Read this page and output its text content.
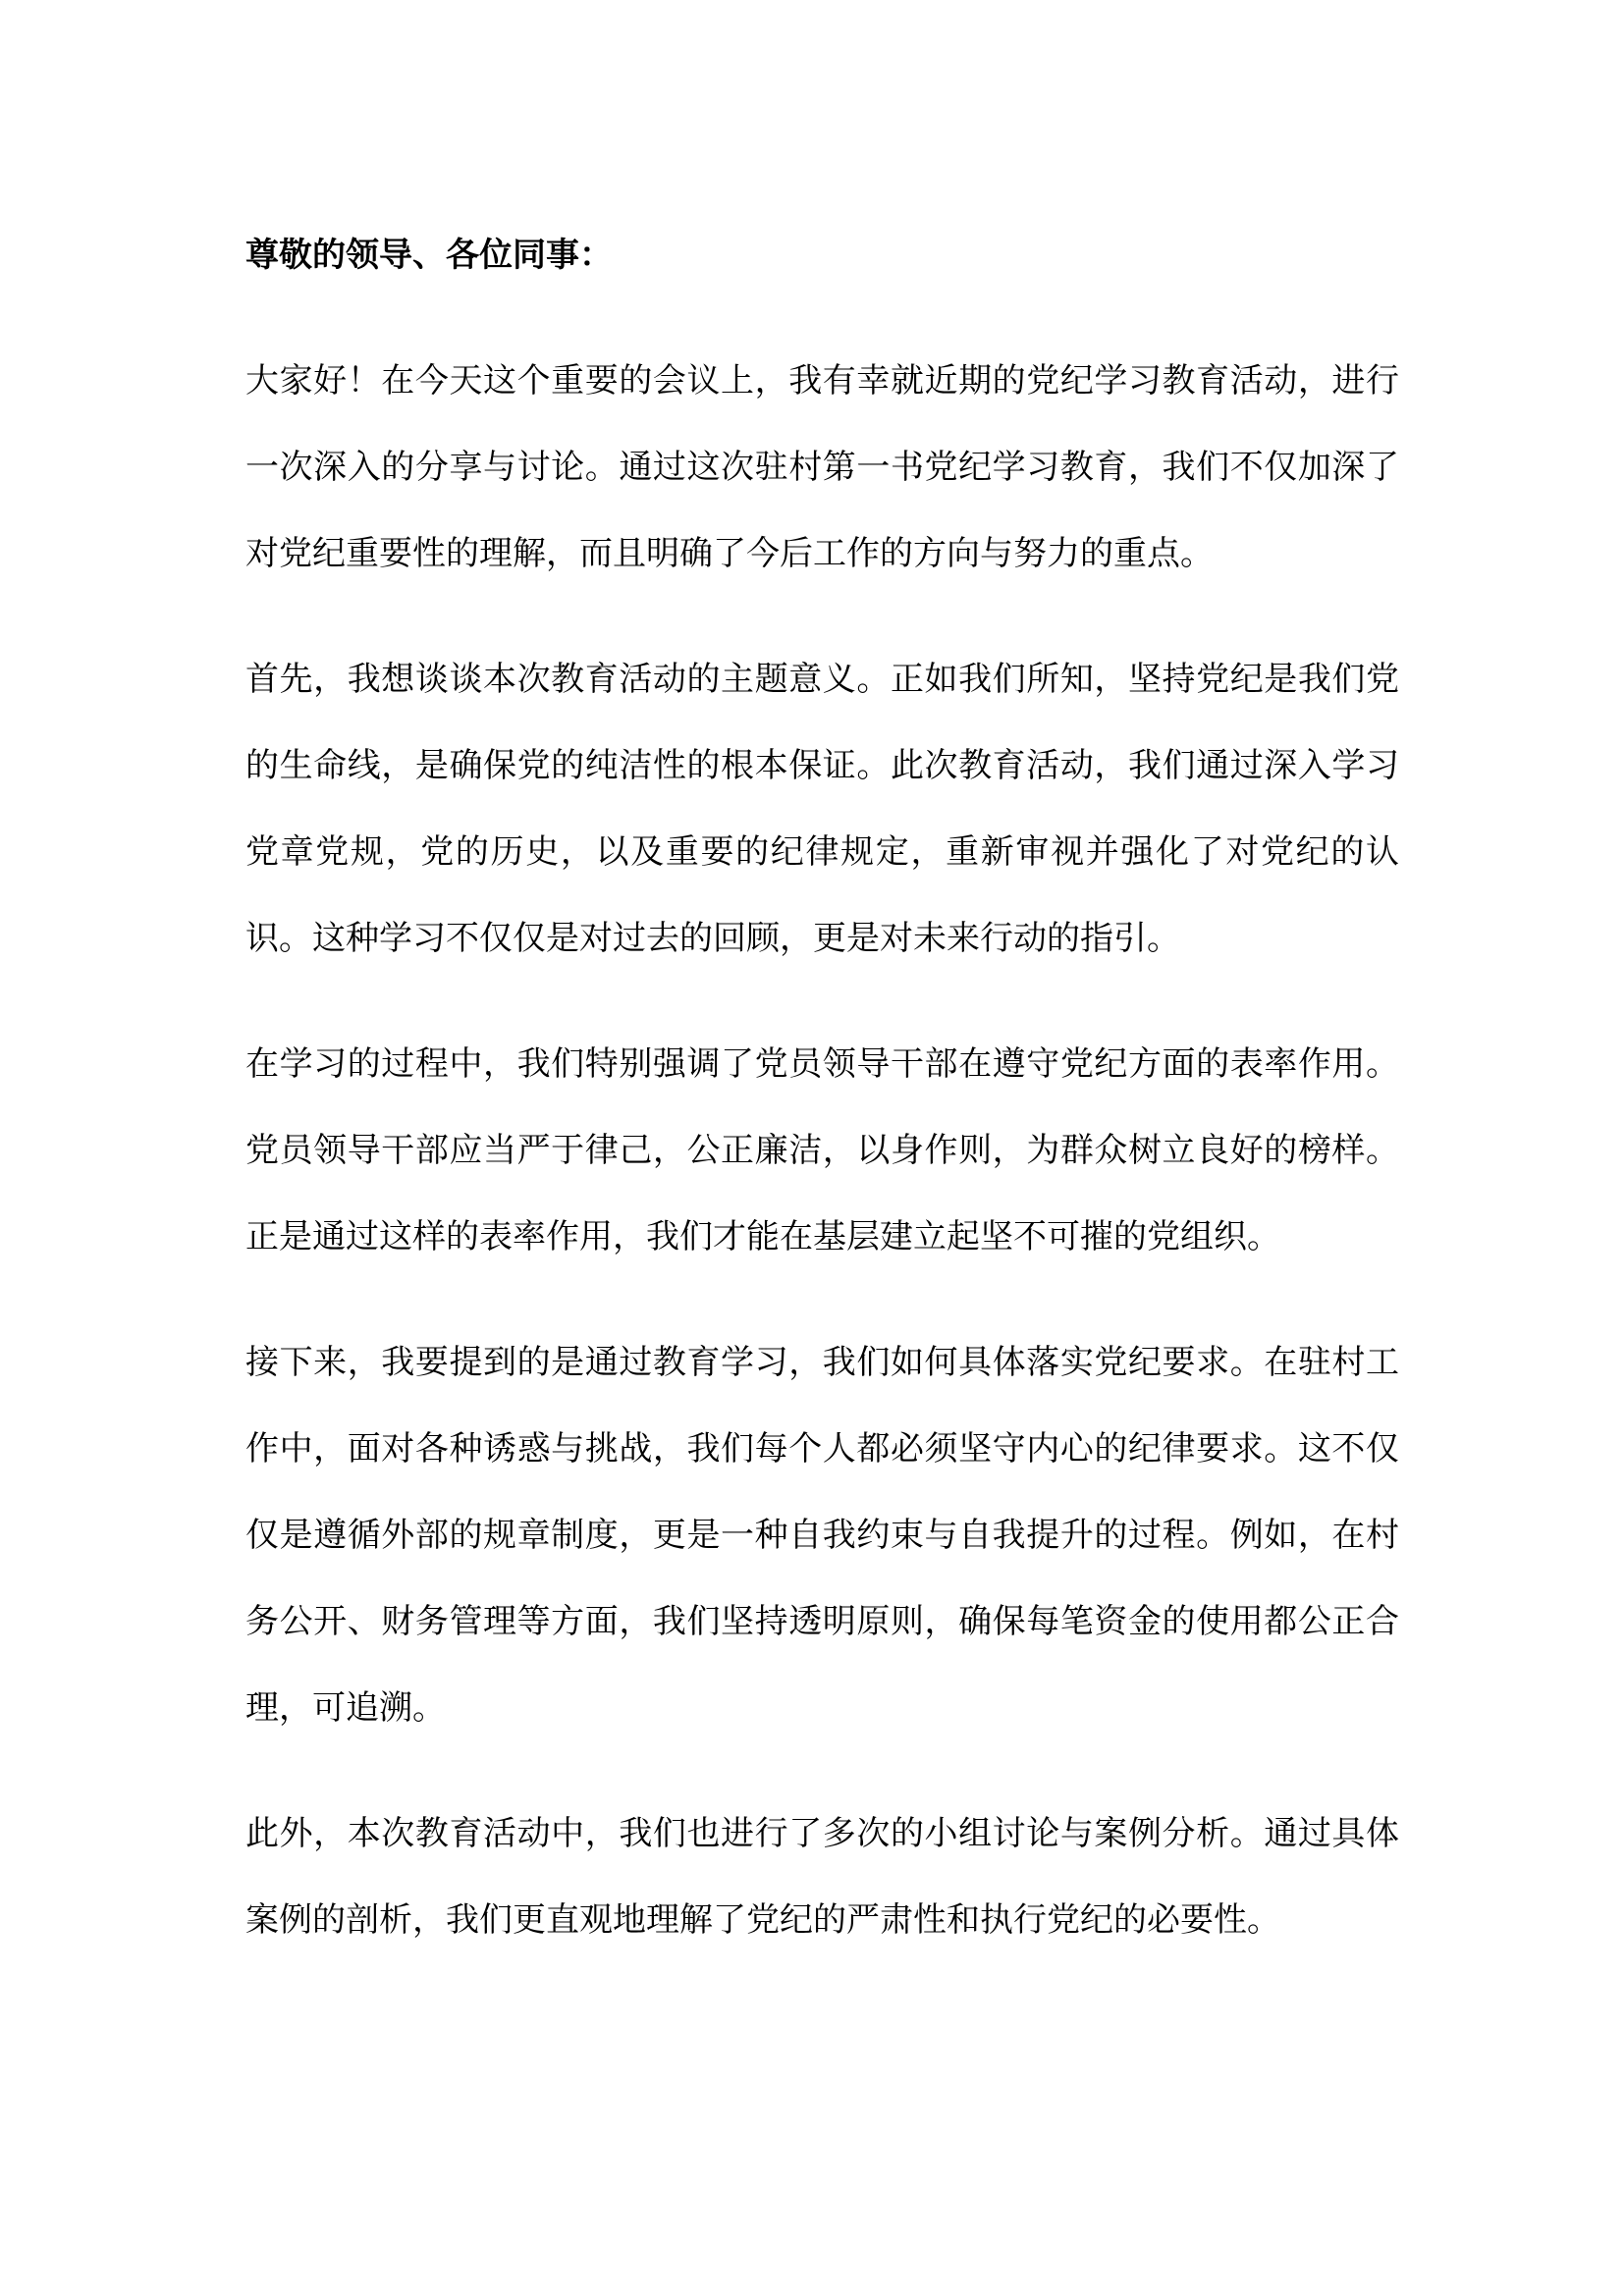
尊敬的领导、各位同事：

大家好！在今天这个重要的会议上，我有幸就近期的党纪学习教育活动，进行一次深入的分享与讨论。通过这次驻村第一书党纪学习教育，我们不仅加深了对党纪重要性的理解，而且明确了今后工作的方向与努力的重点。

首先，我想谈谈本次教育活动的主题意义。正如我们所知，坚持党纪是我们党的生命线，是确保党的纯洁性的根本保证。此次教育活动，我们通过深入学习党章党规，党的历史，以及重要的纪律规定，重新审视并强化了对党纪的认识。这种学习不仅仅是对过去的回顾，更是对未来行动的指引。

在学习的过程中，我们特别强调了党员领导干部在遵守党纪方面的表率作用。党员领导干部应当严于律己，公正廉洁，以身作则，为群众树立良好的榜样。正是通过这样的表率作用，我们才能在基层建立起坚不可摧的党组织。

接下来，我要提到的是通过教育学习，我们如何具体落实党纪要求。在驻村工作中，面对各种诱惑与挑战，我们每个人都必须坚守内心的纪律要求。这不仅仅是遵循外部的规章制度，更是一种自我约束与自我提升的过程。例如，在村务公开、财务管理等方面，我们坚持透明原则，确保每笔资金的使用都公正合理，可追溯。

此外，本次教育活动中，我们也进行了多次的小组讨论与案例分析。通过具体案例的剖析，我们更直观地理解了党纪的严肃性和执行党纪的必要性。
